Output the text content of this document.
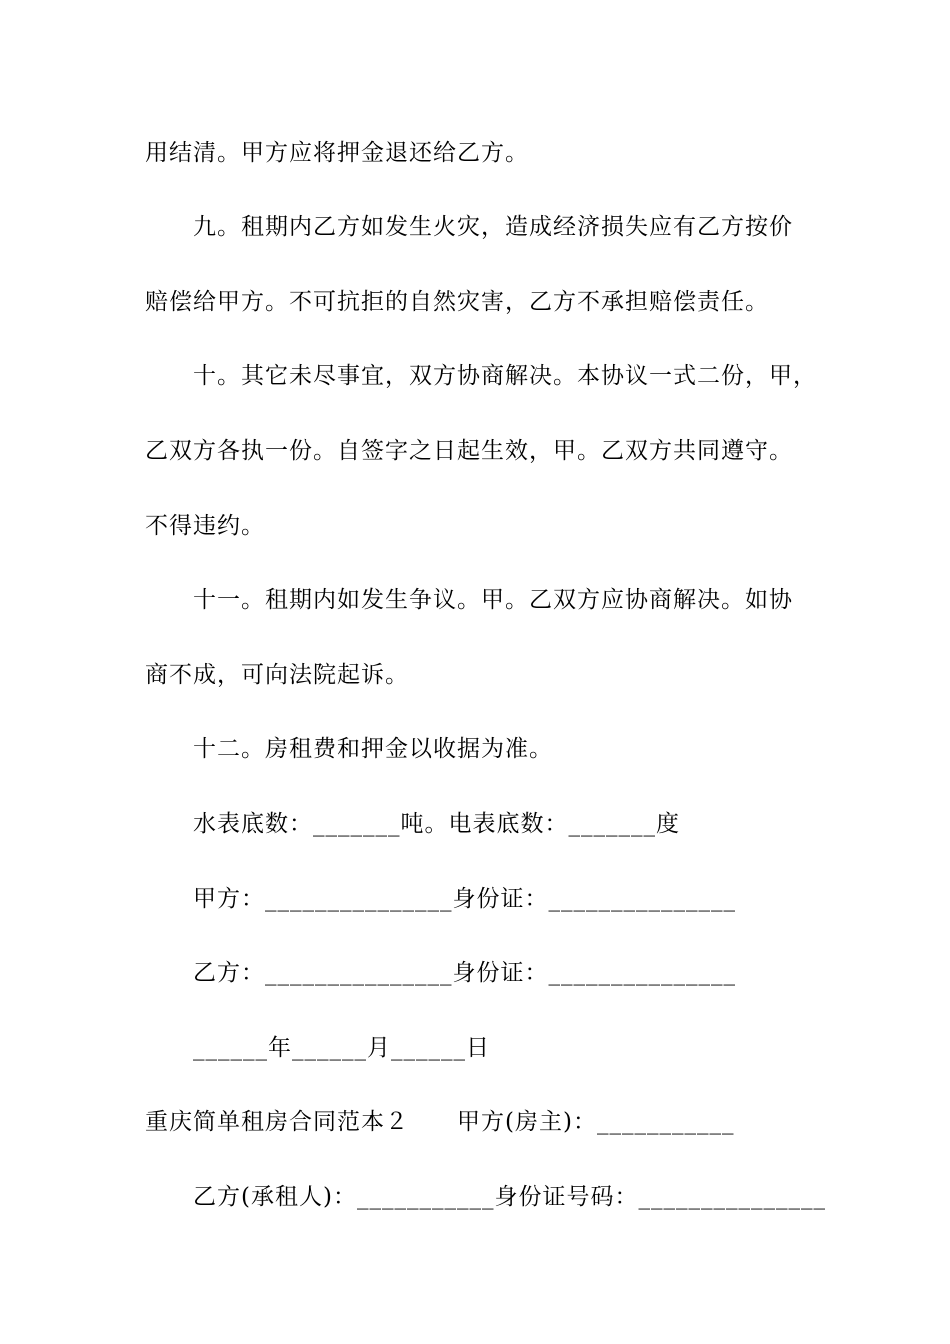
用结清。甲方应将押金退还给乙方。
九。租期内乙方如发生火灾，造成经济损失应有乙方按价
赔偿给甲方。不可抗拒的自然灾害，乙方不承担赔偿责任。
十。其它未尽事宜，双方协商解决。本协议一式二份，甲，
乙双方各执一份。自签字之日起生效，甲。乙双方共同遵守。
不得违约。
十一。租期内如发生争议。甲。乙双方应协商解决。如协
商不成，可向法院起诉。
十二。房租费和押金以收据为准。
水表底数：_______吨。电表底数：_______度
甲方：_______________身份证：_______________
乙方：_______________身份证：_______________
______年______月______日
重庆简单租房合同范本２　　甲方(房主)：___________
乙方(承租人)：___________身份证号码：_______________
